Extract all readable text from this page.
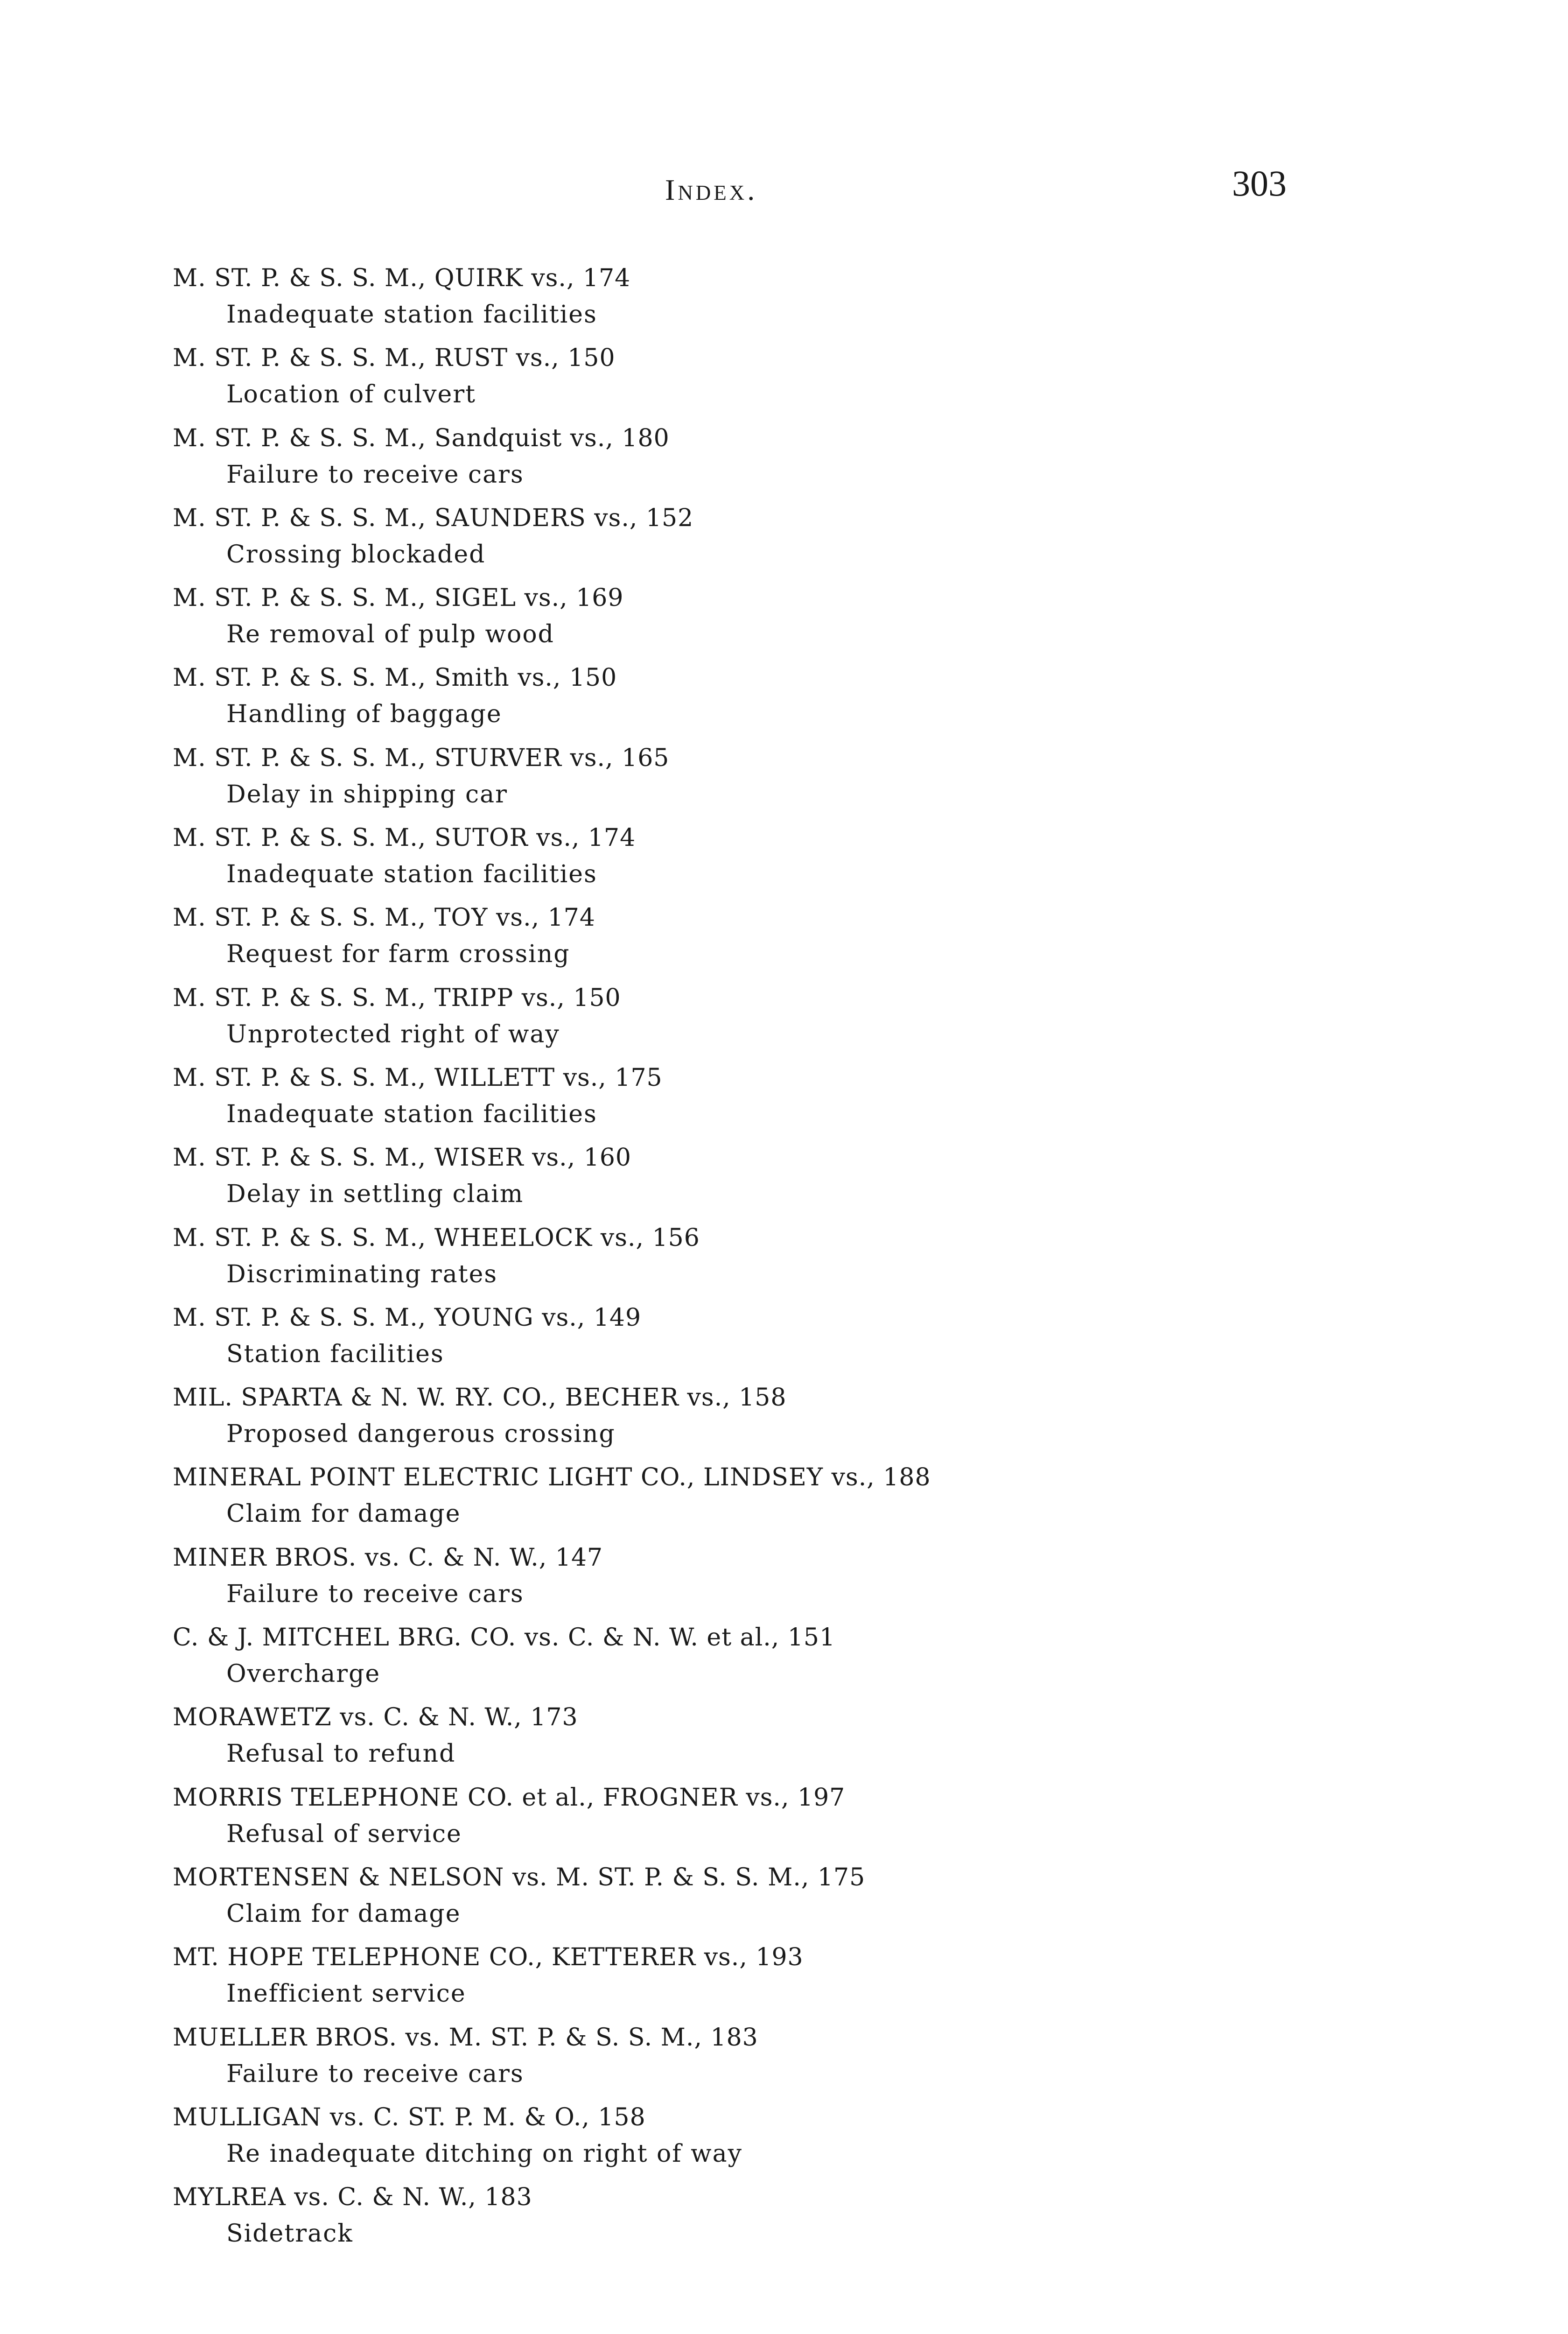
Index.	303
M. ST. P. & S. S. M., QUIRK vs., 174
Inadequate station facilities
M. ST. P. & S. S. M., RUST vs., 150
Location of culvert
M. ST. P. & S. S. M., Sandquist vs., 180
Failure to receive cars
M. ST. P. & S. S. M., SAUNDERS vs., 152
Crossing blockaded
M. ST. P. & S. S. M., SIGEL vs., 169
Re removal of pulp wood
M. ST. P. & S. S. M., Smith vs., 150
Handling of baggage
M. ST. P. & S. S. M., STURVER vs., 165
Delay in shipping car
M. ST. P. & S. S. M., SUTOR vs., 174
Inadequate station facilities
M. ST. P. & S. S. M., TOY vs., 174
Request for farm crossing
M. ST. P. & S. S. M., TRIPP vs., 150
Unprotected right of way
M. ST. P. & S. S. M., WILLETT vs., 175
Inadequate station facilities
M. ST. P. & S. S. M., WISER vs., 160
Delay in settling claim
M. ST. P. & S. S. M., WHEELOCK vs., 156
Discriminating rates
M. ST. P. & S. S. M., YOUNG vs., 149
Station facilities
MIL. SPARTA & N. W. RY. CO., BECHER vs., 158
Proposed dangerous crossing
MINERAL POINT ELECTRIC LIGHT CO., LINDSEY vs., 188
Claim for damage
MINER BROS. vs. C. & N. W., 147
Failure to receive cars
C. & J. MITCHEL BRG. CO. vs. C. & N. W. et al., 151
Overcharge
MORAWETZ vs. C. & N. W., 173
Refusal to refund
MORRIS TELEPHONE CO. et al., FROGNER vs., 197
Refusal of service
MORTENSEN & NELSON vs. M. ST. P. & S. S. M., 175
Claim for damage
MT. HOPE TELEPHONE CO., KETTERER vs., 193
Inefficient service
MUELLER BROS. vs. M. ST. P. & S. S. M., 183
Failure to receive cars
MULLIGAN vs. C. ST. P. M. & O., 158
Re inadequate ditching on right of way
MYLREA vs. C. & N. W., 183
Sidetrack
